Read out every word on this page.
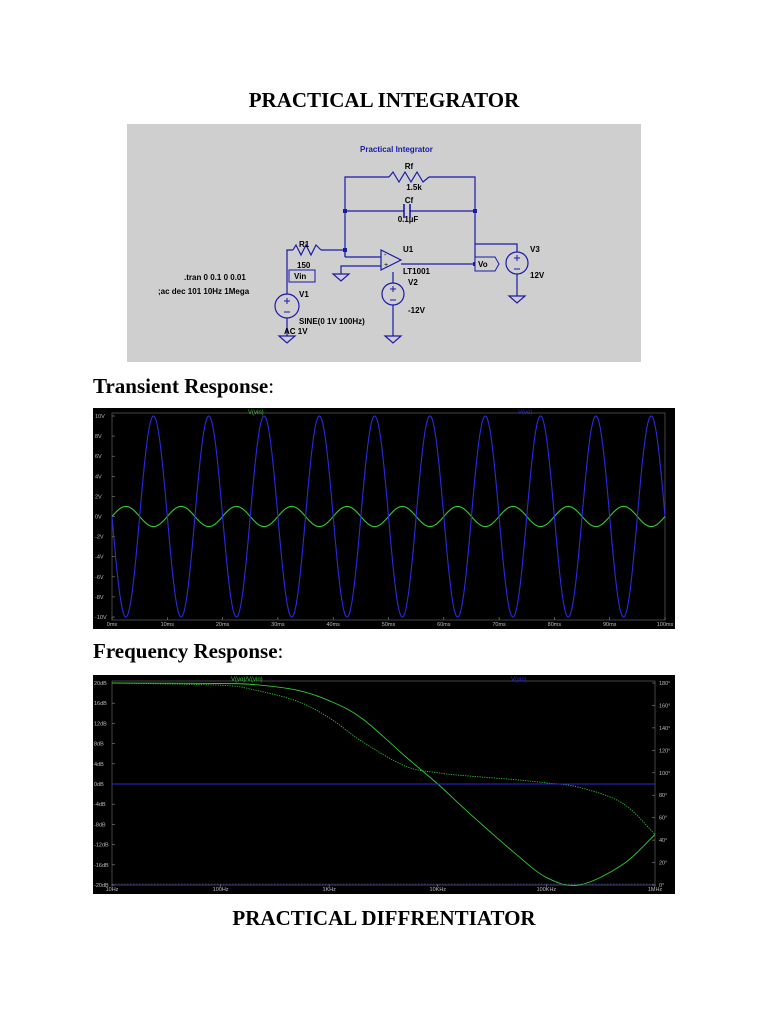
PRACTICAL INTEGRATOR
Transient Response:
Frequency Response:
PRACTICAL DIFFRENTIATOR
-
+
Practical Integrator
Rf
1.5k
Cf
0.1µF
R1
150
U1
LT1001
Vin
Vo
.tran 0 0.1 0 0.01
;ac dec 101 10Hz 1Mega	V1
SINE(0 1V 100Hz)
AC 1V
V2
-12V
V3
12V
10V
8V
6V
4V
2V
0V
-2V
-4V
-6V
-8V
-10V
0ms	10ms	20ms	30ms	40ms	50ms	60ms	70ms	80ms	90ms	100ms
V(vin)	V(vo)
20dB
16dB
12dB
8dB
4dB
0dB
-4dB
-8dB
-12dB
-16dB
-20dB
180°
160°
140°
120°
100°
80°
60°
40°
20°
0°
10Hz	100Hz	1KHz	10KHz	100KHz	1MHz
V(vo)/V(vin)	V(vin)
